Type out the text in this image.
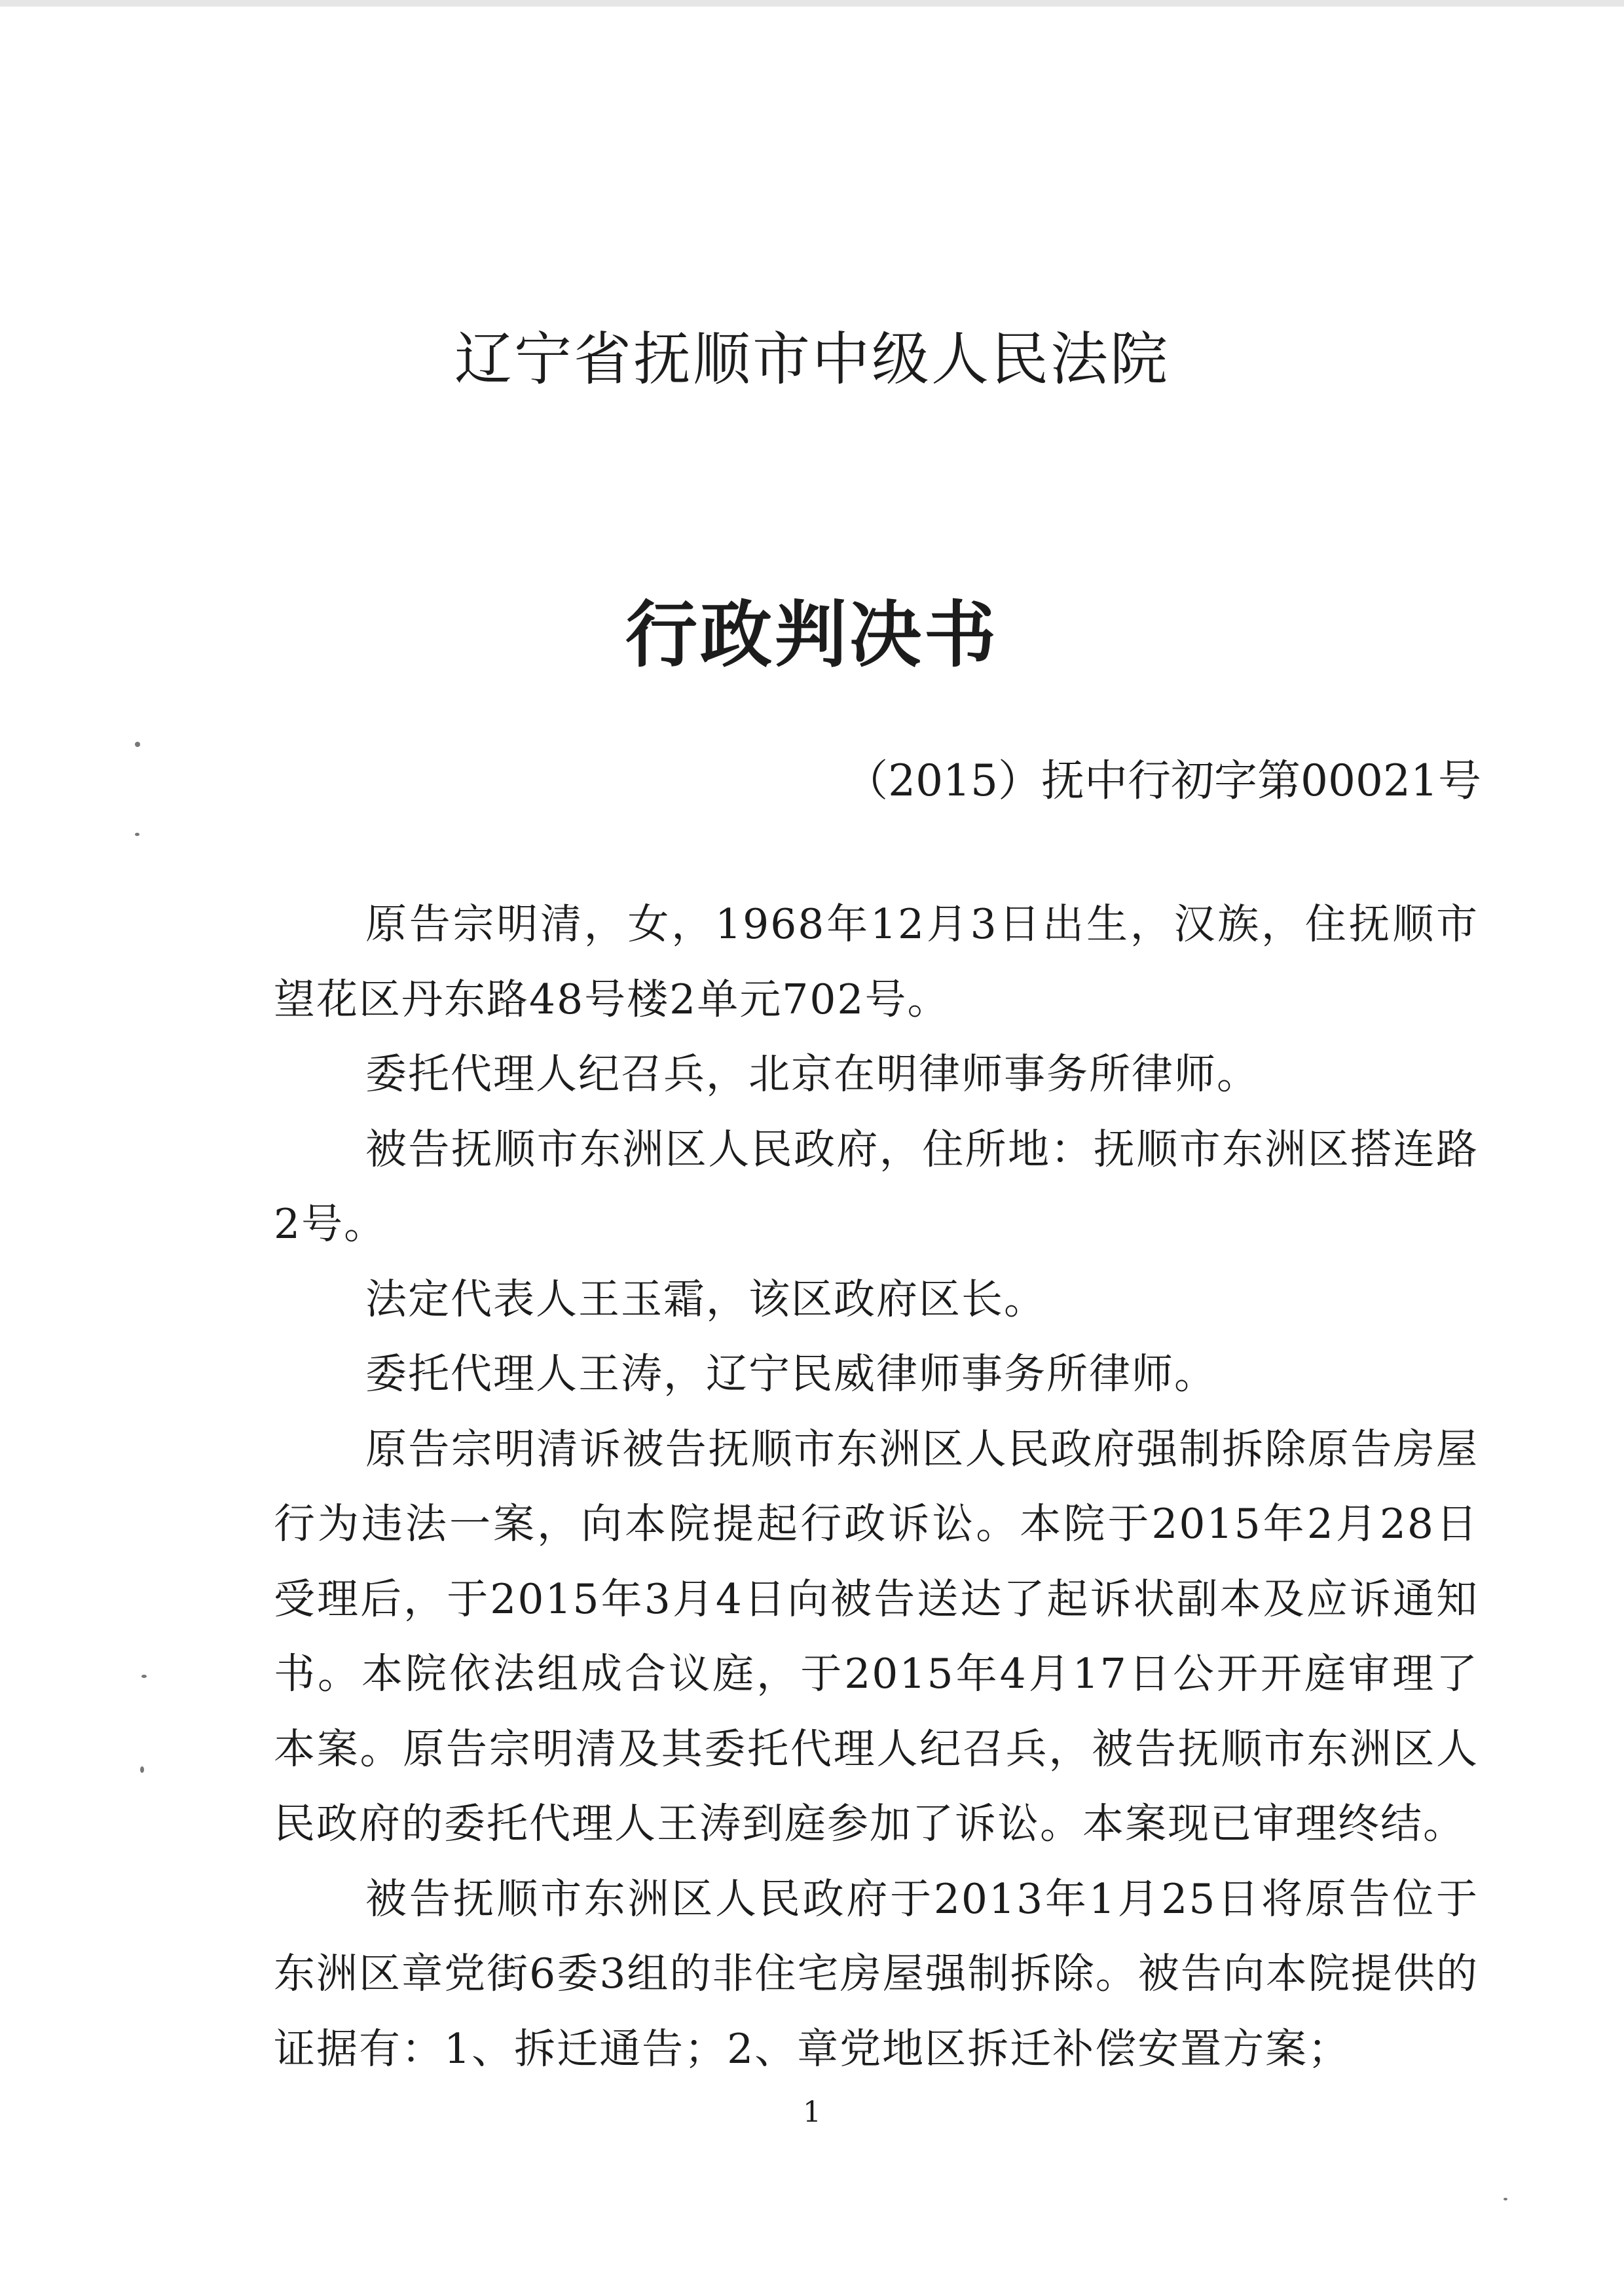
辽宁省抚顺市中级人民法院
行政判决书
（2015）抚中行初字第00021号

原告宗明清，女，1968年12月3日出生，汉族，住抚顺市望花区丹东路48号楼2单元702号。

委托代理人纪召兵，北京在明律师事务所律师。

被告抚顺市东洲区人民政府，住所地：抚顺市东洲区搭连路2号。

法定代表人王玉霜，该区政府区长。

委托代理人王涛，辽宁民威律师事务所律师。

原告宗明清诉被告抚顺市东洲区人民政府强制拆除原告房屋行为违法一案，向本院提起行政诉讼。本院于2015年2月28日受理后，于2015年3月4日向被告送达了起诉状副本及应诉通知书。本院依法组成合议庭，于2015年4月17日公开开庭审理了本案。原告宗明清及其委托代理人纪召兵，被告抚顺市东洲区人民政府的委托代理人王涛到庭参加了诉讼。本案现已审理终结。

被告抚顺市东洲区人民政府于2013年1月25日将原告位于东洲区章党街6委3组的非住宅房屋强制拆除。被告向本院提供的证据有：1、拆迁通告；2、章党地区拆迁补偿安置方案；

1
